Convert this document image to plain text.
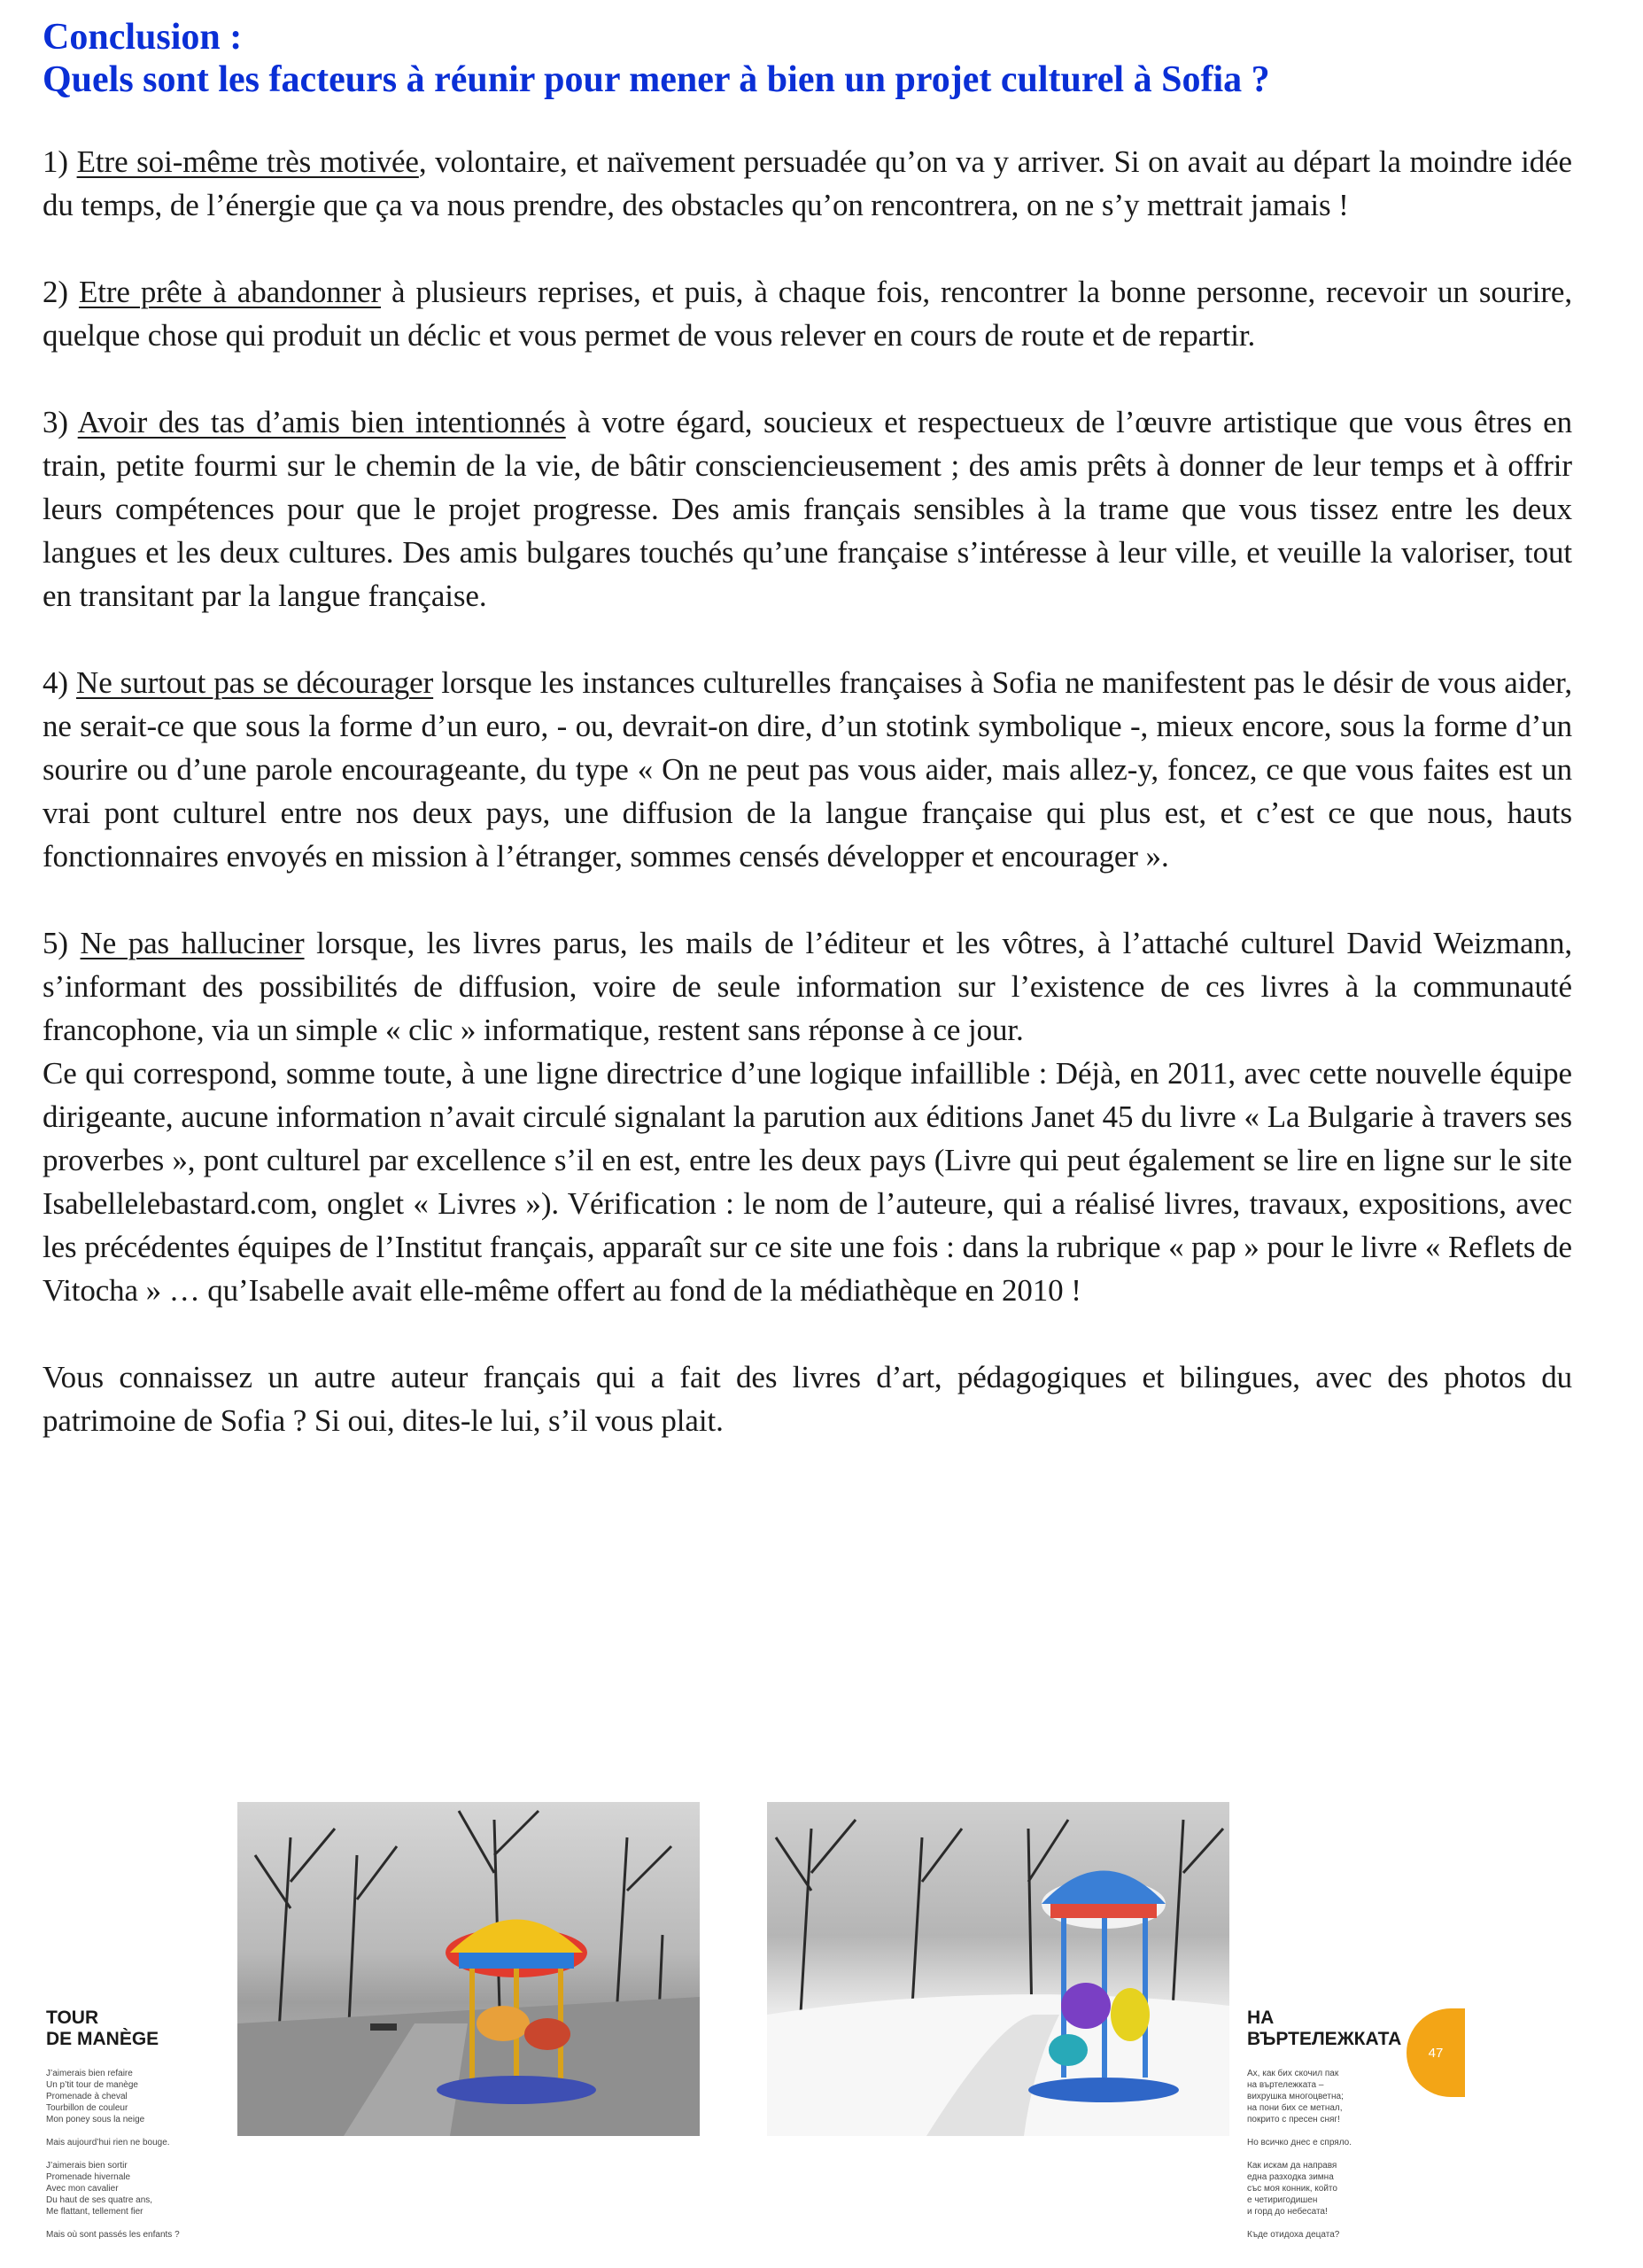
Conclusion :
Quels sont les facteurs à réunir pour mener à bien un projet culturel à Sofia ?

1) Etre soi-même très motivée, volontaire, et naïvement persuadée qu’on va y arriver. Si on avait au départ la moindre idée du temps, de l’énergie que ça va nous prendre, des obstacles qu’on rencontrera, on ne s’y mettrait jamais !

2) Etre prête à abandonner à plusieurs reprises, et puis, à chaque fois, rencontrer la bonne personne, recevoir un sourire, quelque chose qui produit un déclic et vous permet de vous relever en cours de route et de repartir.

3) Avoir des tas d’amis bien intentionnés à votre égard, soucieux et respectueux de l’œuvre artistique que vous êtres en train, petite fourmi sur le chemin de la vie, de bâtir consciencieusement ; des amis prêts à donner de leur temps et à offrir leurs compétences pour que le projet progresse. Des amis français sensibles à la trame que vous tissez entre les deux langues et les deux cultures. Des amis bulgares touchés qu’une française s’intéresse à leur ville, et veuille la valoriser, tout en transitant par la langue française.

4) Ne surtout pas se décourager lorsque les instances culturelles françaises à Sofia ne manifestent pas le désir de vous aider, ne serait-ce que sous la forme d’un euro, - ou, devrait-on dire, d’un stotink symbolique -, mieux encore, sous la forme d’un sourire ou d’une parole encourageante, du type « On ne peut pas vous aider, mais allez-y, foncez, ce que vous faites est un vrai pont culturel entre nos deux pays, une diffusion de la langue française qui plus est, et c’est ce que nous, hauts fonctionnaires envoyés en mission à l’étranger, sommes censés développer et encourager ».

5) Ne pas halluciner lorsque, les livres parus, les mails de l’éditeur et les vôtres, à l’attaché culturel David Weizmann, s’informant des possibilités de diffusion, voire de seule information sur l’existence de ces livres à la communauté francophone, via un simple « clic » informatique, restent sans réponse à ce jour.

Ce qui correspond, somme toute, à une ligne directrice d’une logique infaillible : Déjà, en 2011, avec cette nouvelle équipe dirigeante, aucune information n’avait circulé signalant la parution aux éditions Janet 45 du livre « La Bulgarie à travers ses proverbes », pont culturel par excellence s’il en est, entre les deux pays (Livre qui peut également se lire en ligne sur le site Isabellelebastard.com, onglet « Livres »). Vérification : le nom de l’auteure, qui a réalisé livres, travaux, expositions, avec les précédentes équipes de l’Institut français, apparaît sur ce site une fois : dans la rubrique « pap » pour le livre « Reflets de Vitocha » … qu’Isabelle avait elle-même offert au fond de la médiathèque en 2010 !

Vous connaissez un autre auteur français qui a fait des livres d’art, pédagogiques et bilingues, avec des photos du patrimoine de Sofia ? Si oui, dites-le lui, s’il vous plait.

TOUR
DE MANÈGE
J’aimerais bien refaire
Un p’tit tour de manège
Promenade à cheval
Tourbillon de couleur
Mon poney sous la neige

Mais aujourd’hui rien ne bouge.

J’aimerais bien sortir
Promenade hivernale
Avec mon cavalier
Du haut de ses quatre ans,
Me flattant, tellement fier

Mais où sont passés les enfants ?
НА
ВЪРТЕЛЕЖКАТА
Ах, как бих скочил пак
на въртележката –
вихрушка многоцветна;
на пони бих се метнал,
покрито с пресен сняг!

Но всичко днес е спряло.

Как искам да направя
една разходка зимна
със моя конник, който
е четиригодишен
и горд до небесата!

Къде отидоха децата?
47
